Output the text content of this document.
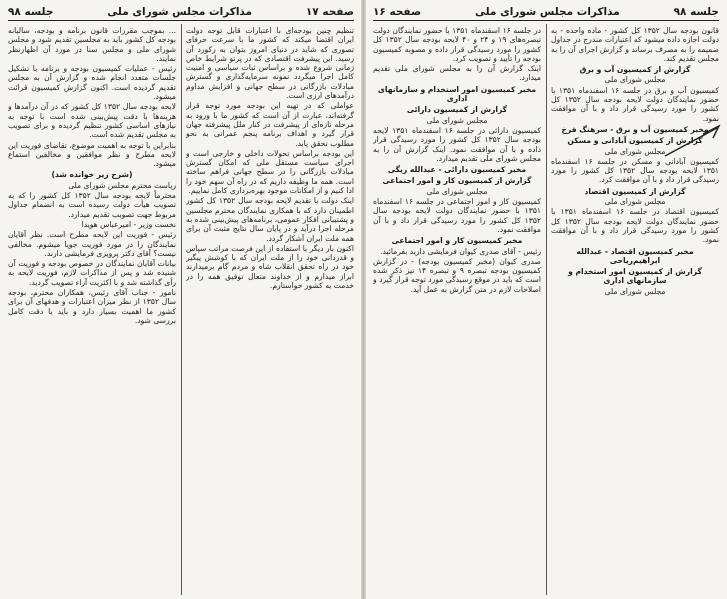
صفحه ۱۷
مذاکرات مجلس شورای ملی
جلسه ۹۸

تنظیم چنین بودجه‌ای با اعتبارات قابل توجه دولت ایران اقتضا میکند که کشور ما با سرعت حرفای تصوری که شاید در دنیای امروز بتوان به رکورد آن رسید. این پیشرفت اقتصادی که در پرتو شرایط خاص زمانی شروع شده و براساس ثبات سیاسی و امنیت کامل اجرا میگردد نمونه سرمایه‌گذاری و گسترش مبادلات بازرگانی در سطح جهانی و افزایش مداوم درآمدهای ارزی است.

عواملی که در تهیه این بودجه مورد توجه قرار گرفته‌اند، عبارت از آن است که کشور ما با ورود به مرحله تازه‌ای از پیشرفت در کنار ملل پیشرفته جهان قرار گیرد و اهداف برنامه پنجم عمرانی به نحو مطلوب تحقق یابد.

این بودجه براساس تحولات داخلی و خارجی است و اجرای سیاست مستقل ملی که امکان گسترش مبادلات بازرگانی را در سطح جهانی فراهم ساخته است. همه ما وظیفه داریم که در راه آن سهم خود را ادا کنیم و از امکانات موجود بهره‌برداری کامل نماییم.

اینک دولت با تقدیم لایحه بودجه سال ۱۳۵۲ کل کشور اطمینان دارد که با همکاری نمایندگان محترم مجلسین و پشتیبانی افکار عمومی، برنامه‌های پیش‌بینی شده به مرحله اجرا درآید و در پایان سال نتایج مثبت آن برای همه ملت ایران آشکار گردد.

اکنون بار دیگر با استفاده از این فرصت مراتب سپاس و قدردانی خود را از ملت ایران که با کوشش پیگیر خود در راه تحقق انقلاب شاه و مردم گام برمیدارند ابراز میدارم و از خداوند متعال توفیق همه را در خدمت به کشور خواستارم.

... بموجب مقررات قانون برنامه و بودجه، سالیانه بودجه کل کشور باید به مجلسین تقدیم شود و مجلس شورای ملی و مجلس سنا در مورد آن اظهارنظر نمایند.

رئیس - عملیات کمیسیون بودجه و برنامه با تشکیل جلسات متعدد انجام شده و گزارش آن به مجلس تقدیم گردیده است. اکنون گزارش کمیسیون قرائت میشود.

لایحه بودجه سال ۱۳۵۲ کل کشور که در آن درآمدها و هزینه‌ها با دقت پیش‌بینی شده است با توجه به نیازهای اساسی کشور تنظیم گردیده و برای تصویب به مجلس تقدیم شده است.

بنابراین با توجه به اهمیت موضوع، تقاضای فوریت این لایحه مطرح و نظر موافقین و مخالفین استماع میشود.

(شرح زیر خوانده شد)

ریاست محترم مجلس شورای ملی

محترماً لایحه بودجه سال ۱۳۵۲ کل کشور را که به تصویب هیأت دولت رسیده است به انضمام جداول مربوط جهت تصویب تقدیم میدارد.

نخست وزیر - امیرعباس هویدا

رئیس - فوریت این لایحه مطرح است. نظر آقایان نمایندگان را در مورد فوریت جویا میشوم. مخالفی نیست؟ آقای دکتر پرویزی فرمایشی دارند.

بیانات آقایان نمایندگان در خصوص بودجه و فوریت آن شنیده شد و پس از مذاکرات لازم، فوریت لایحه به رأی گذاشته شد و با اکثریت آراء تصویب گردید.

نامور - جناب آقای رئیس، همکاران محترم، بودجه سال ۱۳۵۲ از نظر میزان اعتبارات و هدفهای آن برای کشور ما اهمیت بسیار دارد و باید با دقت کامل بررسی شود.

جلسه ۹۸
مذاکرات مجلس شورای ملی
صفحه ۱۶

قانون بودجه سال ۱۳۵۲ کل کشور - ماده واحده - به دولت اجازه داده میشود که اعتبارات مندرج در جداول ضمیمه را به مصرف برساند و گزارش اجرای آن را به مجلس تقدیم کند.

گزارش از کمیسیون آب و برق

مجلس شورای ملی

کمیسیون آب و برق در جلسه ۱۶ اسفندماه ۱۳۵۱ با حضور نمایندگان دولت لایحه بودجه سال ۱۳۵۲ کل کشور را مورد رسیدگی قرار داد و با آن موافقت نمود.

مخبر کمیسیون آب و برق - سرهنگ فرخ

گزارش از کمیسیون آبادانی و مسکن

مجلس شورای ملی

کمیسیون آبادانی و مسکن در جلسه ۱۶ اسفندماه ۱۳۵۱ لایحه بودجه سال ۱۳۵۲ کل کشور را مورد رسیدگی قرار داد و با آن موافقت کرد.

گزارش از کمیسیون اقتصاد

مجلس شورای ملی

کمیسیون اقتصاد در جلسه ۱۶ اسفندماه ۱۳۵۱ با حضور نمایندگان دولت لایحه بودجه سال ۱۳۵۲ کل کشور را مورد رسیدگی قرار داد و با آن موافقت نمود.

مخبر کمیسیون اقتصاد - عبدالله ابراهیم‌ریاحی

گزارش از کمیسیون امور استخدام و سازمانهای اداری

مجلس شورای ملی

در جلسه ۱۶ اسفندماه ۱۳۵۱ با حضور نمایندگان دولت تبصره‌های ۱۹ و ۲۴ و ۴۰ لایحه بودجه سال ۱۳۵۲ کل کشور را مورد رسیدگی قرار داده و مصوبه کمیسیون بودجه را تأیید و تصویب کرد.

اینک گزارش آن را به مجلس شورای ملی تقدیم میدارد.

مخبر کمیسیون امور استخدام و سازمانهای اداری

گزارش از کمیسیون دارائی

مجلس شورای ملی

کمیسیون دارائی در جلسه ۱۶ اسفندماه ۱۳۵۱ لایحه بودجه سال ۱۳۵۲ کل کشور را مورد رسیدگی قرار داده و با آن موافقت نمود. اینک گزارش آن را به مجلس شورای ملی تقدیم میدارد.

مخبر کمیسیون دارائی - عبدالله ریگی

گزارش از کمیسیون کار و امور اجتماعی

مجلس شورای ملی

کمیسیون کار و امور اجتماعی در جلسه ۱۶ اسفندماه ۱۳۵۱ با حضور نمایندگان دولت لایحه بودجه سال ۱۳۵۲ کل کشور را مورد رسیدگی قرار داد و با آن موافقت نمود.

مخبر کمیسیون کار و امور اجتماعی

رئیس - آقای صدری کیوان فرمایشی دارید بفرمائید.

صدری کیوان (مخبر کمیسیون بودجه) - در گزارش کمیسیون بودجه تبصره ۹ و تبصره ۱۴ نیز ذکر شده است که باید در موقع رسیدگی مورد توجه قرار گیرد و اصلاحات لازم در متن گزارش به عمل آید.
